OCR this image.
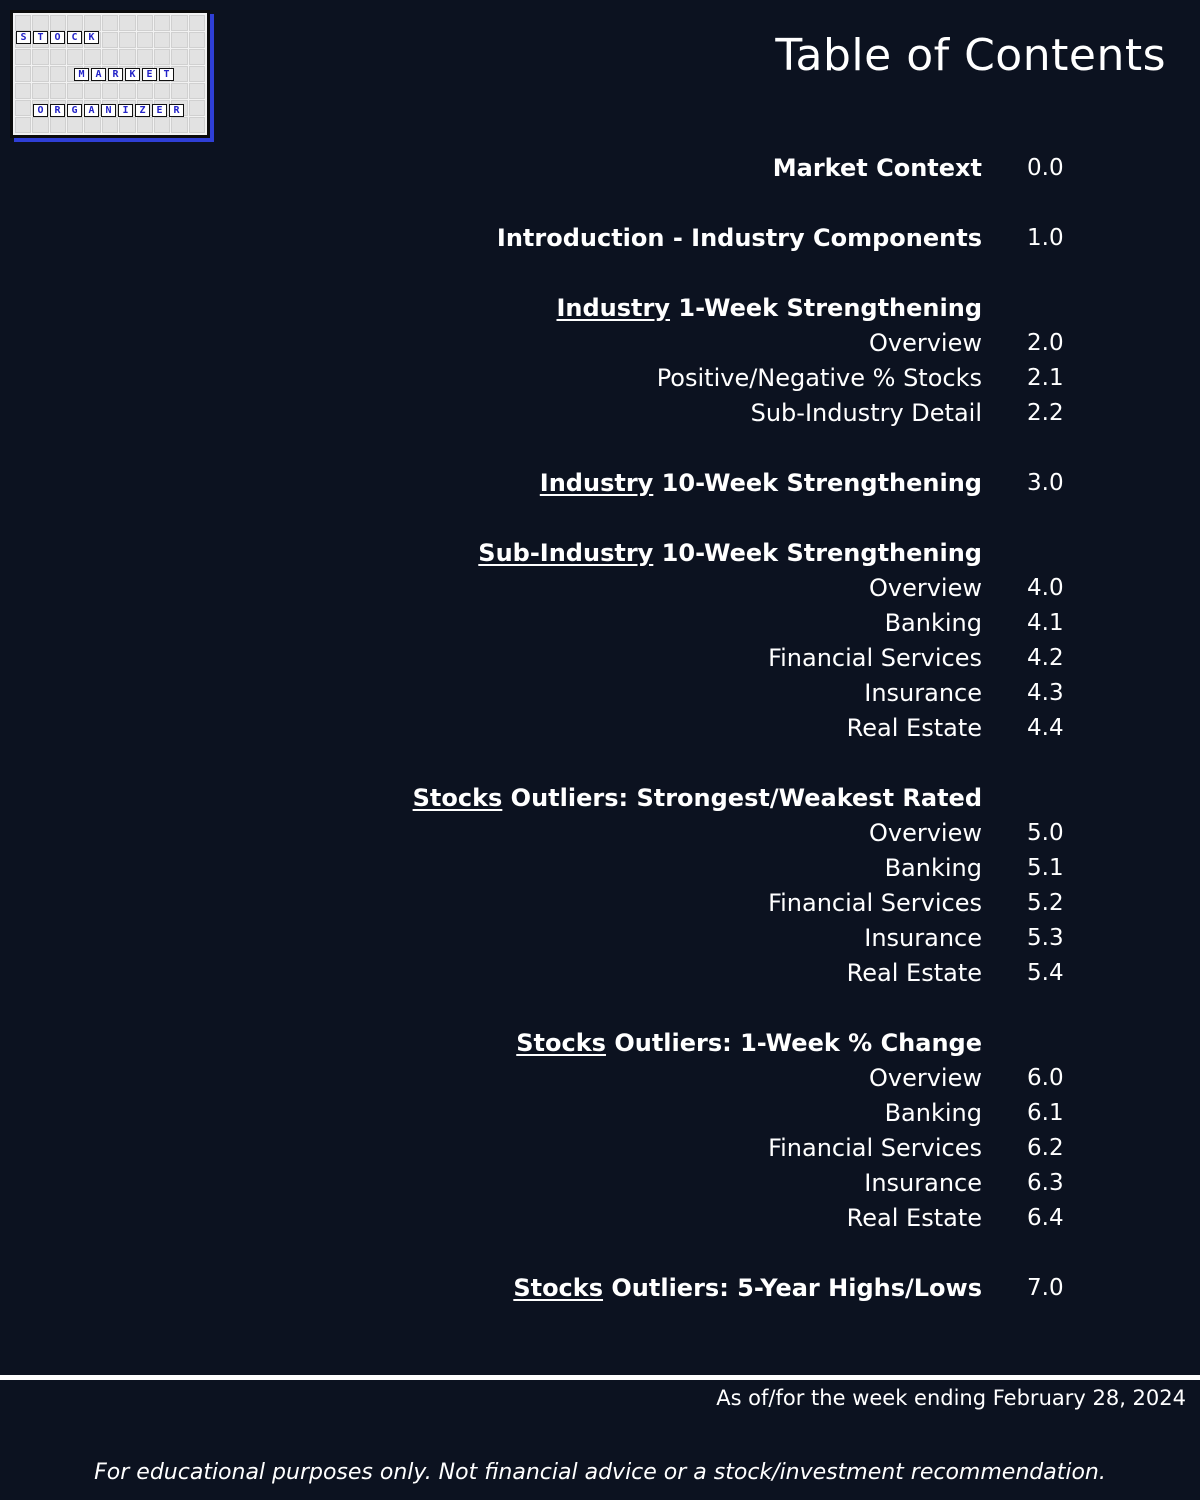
S	T	O	C	K
M	A	R	K	E	T
O	R	G	A	N	I	Z	E	R
Table of Contents
Market Context 0.0
Introduction - Industry Components 1.0
Industry 1-Week Strengthening
Overview 2.0
Positive/Negative % Stocks 2.1
Sub-Industry Detail 2.2
Industry 10-Week Strengthening 3.0
Sub-Industry 10-Week Strengthening
Overview 4.0
Banking 4.1
Financial Services 4.2
Insurance 4.3
Real Estate 4.4
Stocks Outliers: Strongest/Weakest Rated
Overview 5.0
Banking 5.1
Financial Services 5.2
Insurance 5.3
Real Estate 5.4
Stocks Outliers: 1-Week % Change
Overview 6.0
Banking 6.1
Financial Services 6.2
Insurance 6.3
Real Estate 6.4
Stocks Outliers: 5-Year Highs/Lows 7.0
As of/for the week ending February 28, 2024
For educational purposes only. Not financial advice or a stock/investment recommendation.
